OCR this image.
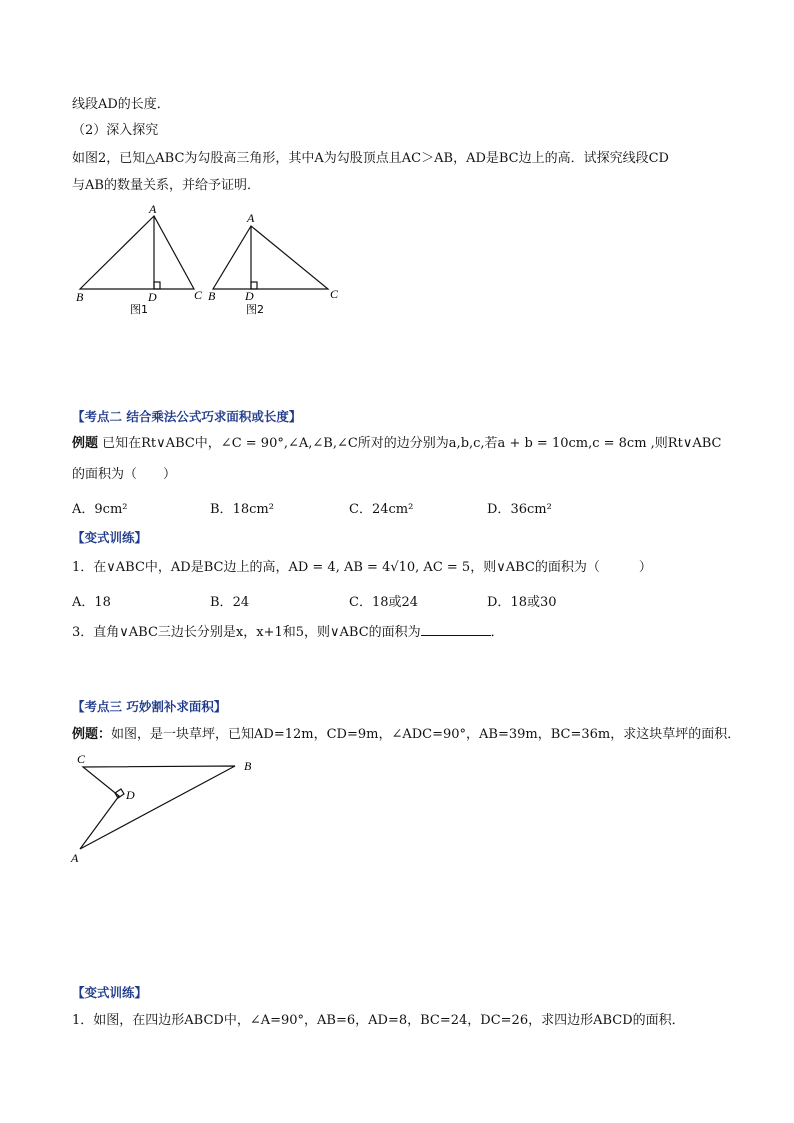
线段AD的长度．
（2）深入探究
如图2，已知△ABC为勾股高三角形，其中A为勾股顶点且AC＞AB，AD是BC边上的高．试探究线段CD
与AB的数量关系，并给予证明．
A
B	D	C
图1
A
B D	C
图2
【考点二 结合乘法公式巧求面积或长度】
例题 已知在Rt∨ABC中，∠C = 90°,∠A,∠B,∠C所对的边分别为a,b,c,若a + b = 10cm,c = 8cm ,则Rt∨ABC
的面积为（　　）
A．9cm²	B．18cm²	C．24cm²	D．36cm²
【变式训练】
1．在∨ABC中，AD是BC边上的高，AD = 4, AB = 4√10, AC = 5，则∨ABC的面积为（　　　）
A．18	B．24	C．18或24	D．18或30
3．直角∨ABC三边长分别是x，x+1和5，则∨ABC的面积为	．
【考点三 巧妙割补求面积】
例题：如图，是一块草坪，已知AD=12m，CD=9m，∠ADC=90°，AB=39m，BC=36m，求这块草坪的面积．
C	B
D
A
【变式训练】
1．如图，在四边形ABCD中，∠A=90°，AB=6，AD=8，BC=24，DC=26，求四边形ABCD的面积．
